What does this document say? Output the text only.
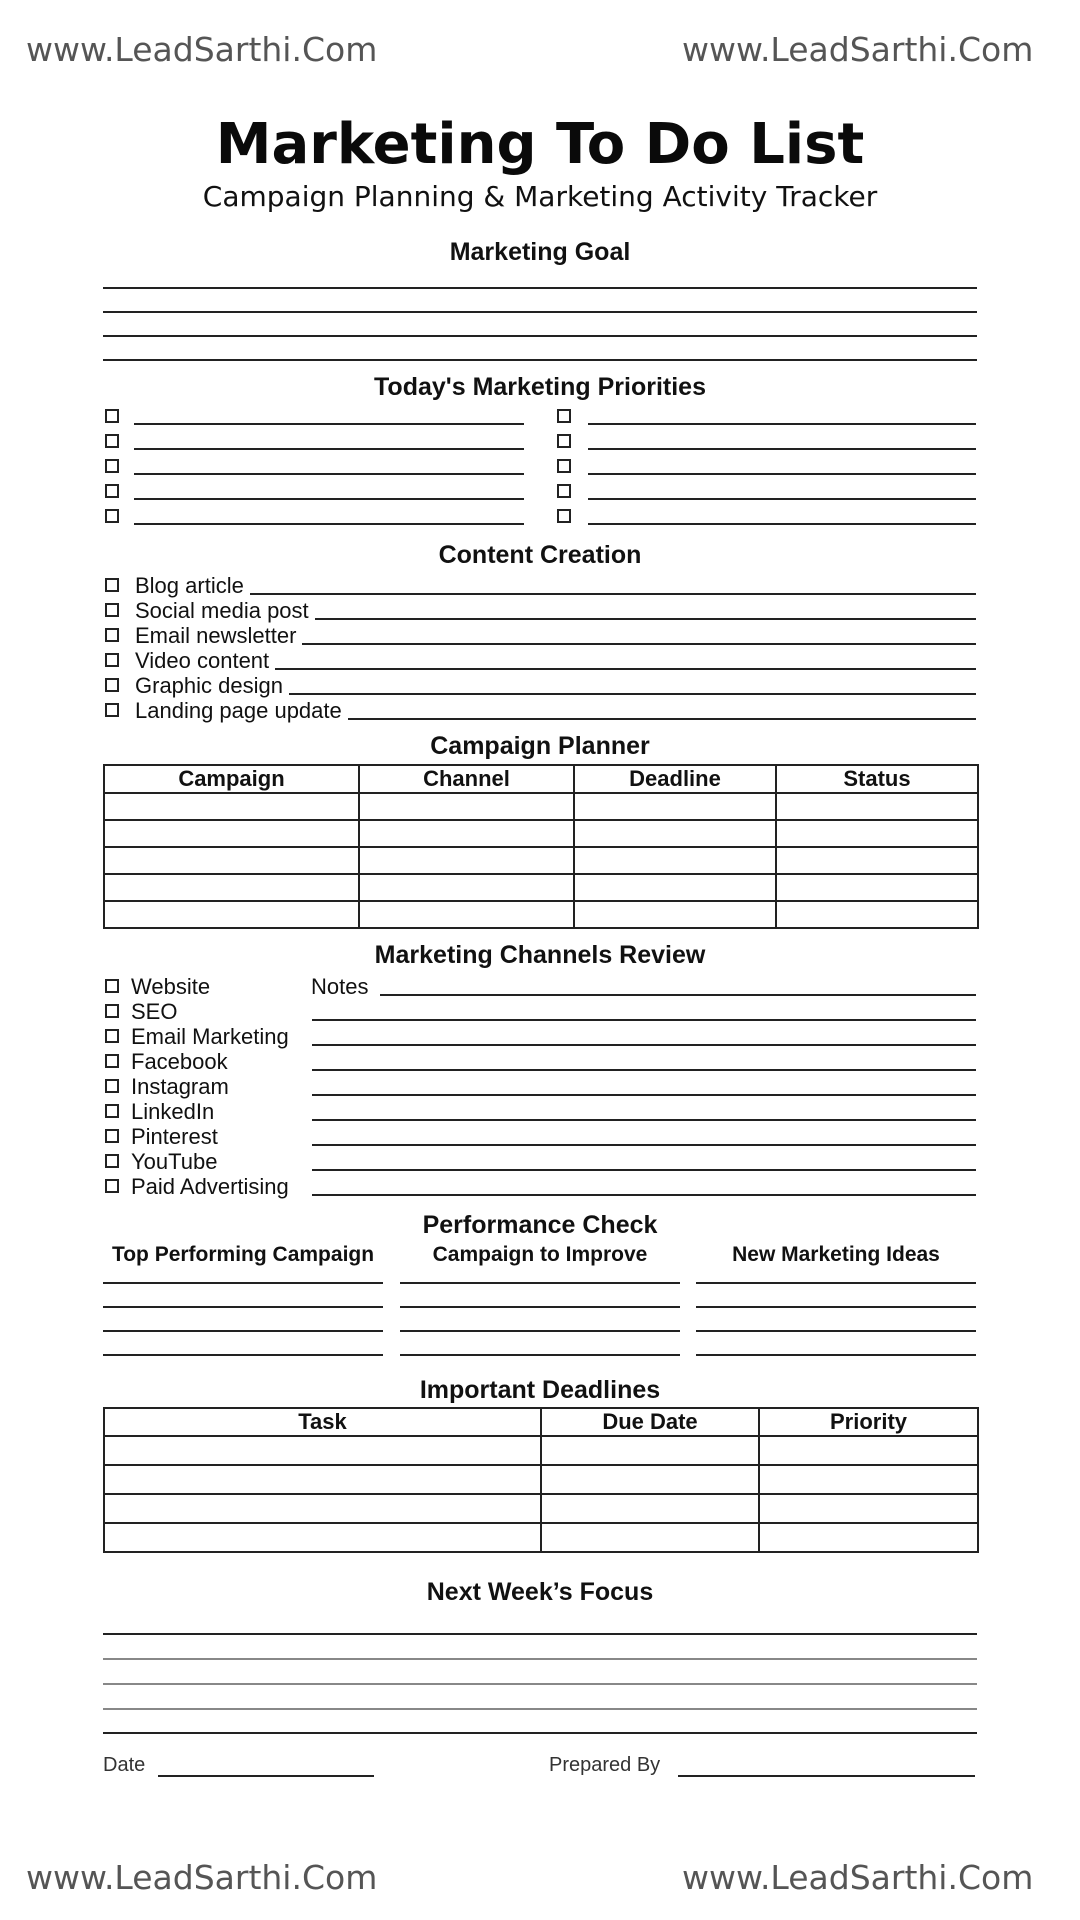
www.LeadSarthi.Com	www.LeadSarthi.Com
Marketing To Do List
Campaign Planning & Marketing Activity Tracker
Marketing Goal
Today's Marketing Priorities
Content Creation
Blog article
Social media post
Email newsletter
Video content
Graphic design
Landing page update
Campaign Planner
Campaign	Channel	Deadline	Status

Marketing Channels Review
Notes
Website
SEO
Email Marketing
Facebook
Instagram
LinkedIn
Pinterest
YouTube
Paid Advertising
Performance Check
Top Performing Campaign	Campaign to Improve	New Marketing Ideas
Important Deadlines
Task	Due Date	Priority

Next Week’s Focus
Date	Prepared By
www.LeadSarthi.Com	www.LeadSarthi.Com
